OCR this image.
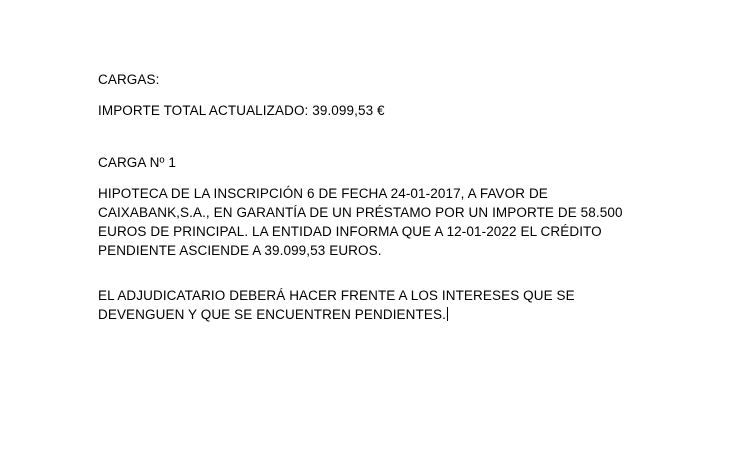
CARGAS:
IMPORTE TOTAL ACTUALIZADO: 39.099,53 €
CARGA Nº 1
HIPOTECA DE LA INSCRIPCIÓN 6 DE FECHA 24-01-2017, A FAVOR DE
CAIXABANK,S.A., EN GARANTÍA DE UN PRÉSTAMO POR UN IMPORTE DE 58.500
EUROS DE PRINCIPAL. LA ENTIDAD INFORMA QUE A 12-01-2022 EL CRÉDITO
PENDIENTE ASCIENDE A 39.099,53 EUROS.
EL ADJUDICATARIO DEBERÁ HACER FRENTE A LOS INTERESES QUE SE
DEVENGUEN Y QUE SE ENCUENTREN PENDIENTES.
